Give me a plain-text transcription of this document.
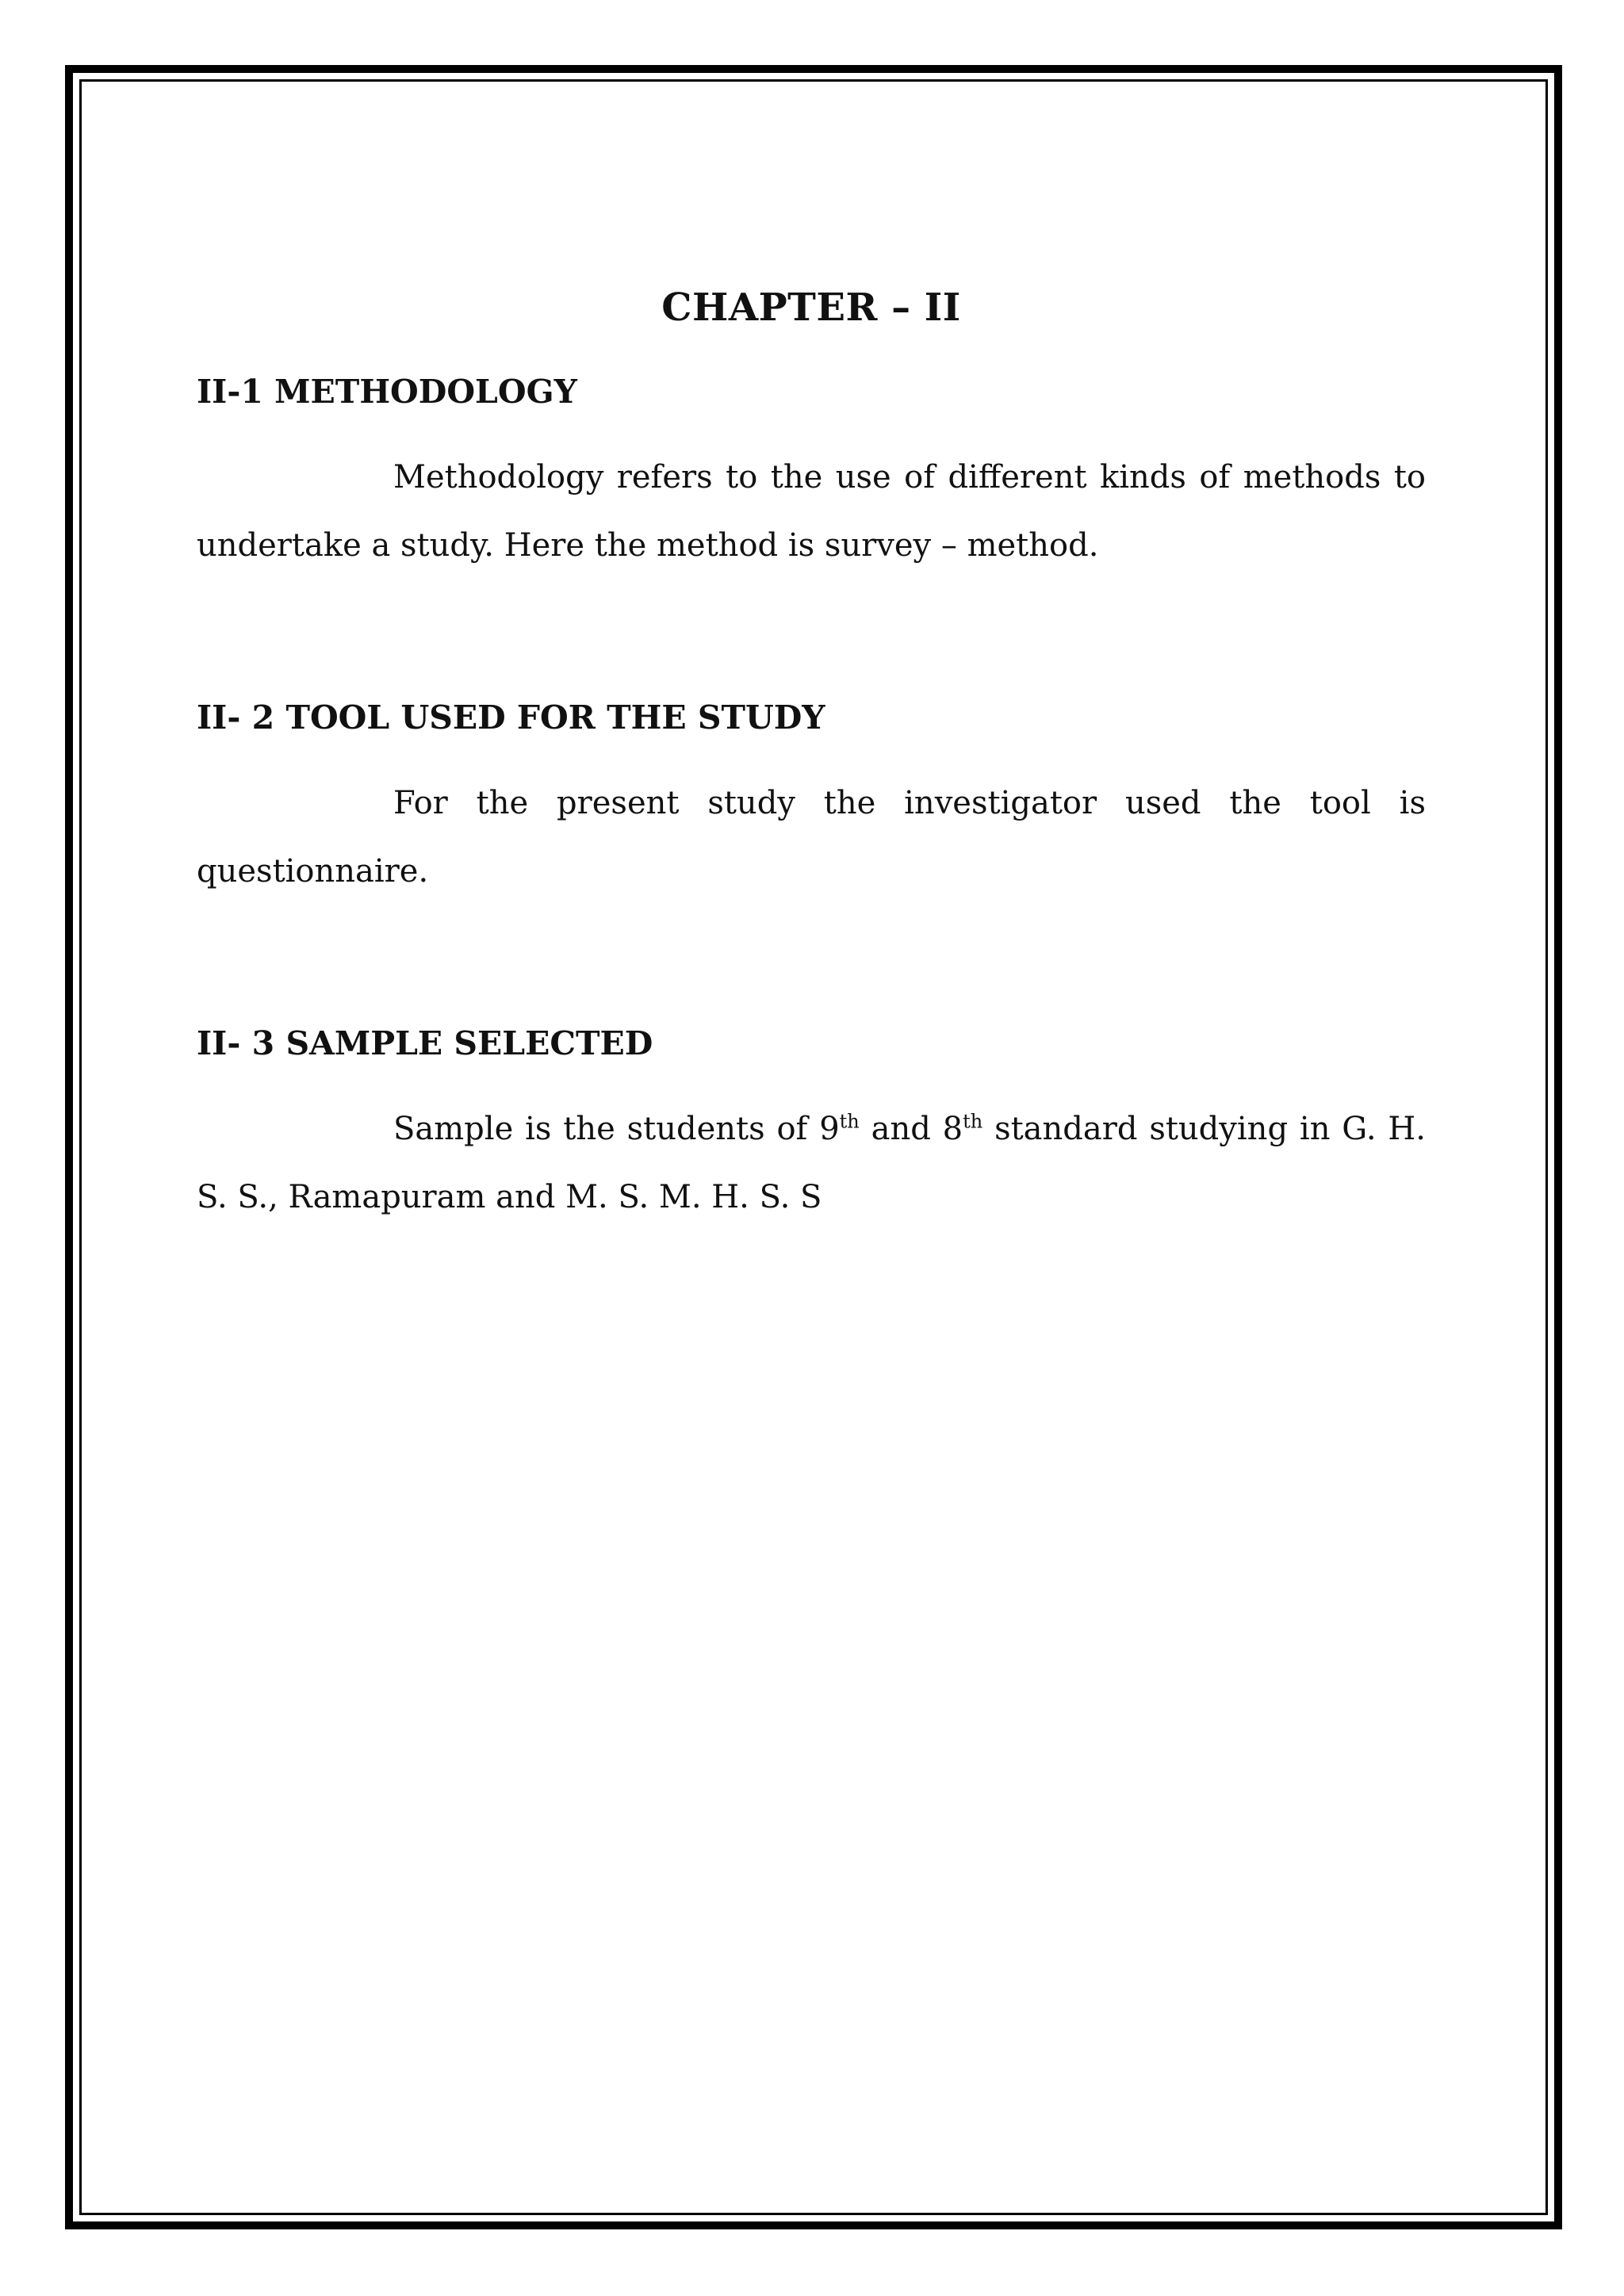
CHAPTER – II
II-1 METHODOLOGY

Methodology refers to the use of different kinds of methods to undertake a study. Here the method is survey – method.

II- 2 TOOL USED FOR THE STUDY

For the present study the investigator used the tool is questionnaire.

II- 3 SAMPLE SELECTED

Sample is the students of 9th and 8th standard studying in G. H. S. S., Ramapuram and M. S. M. H. S. S
